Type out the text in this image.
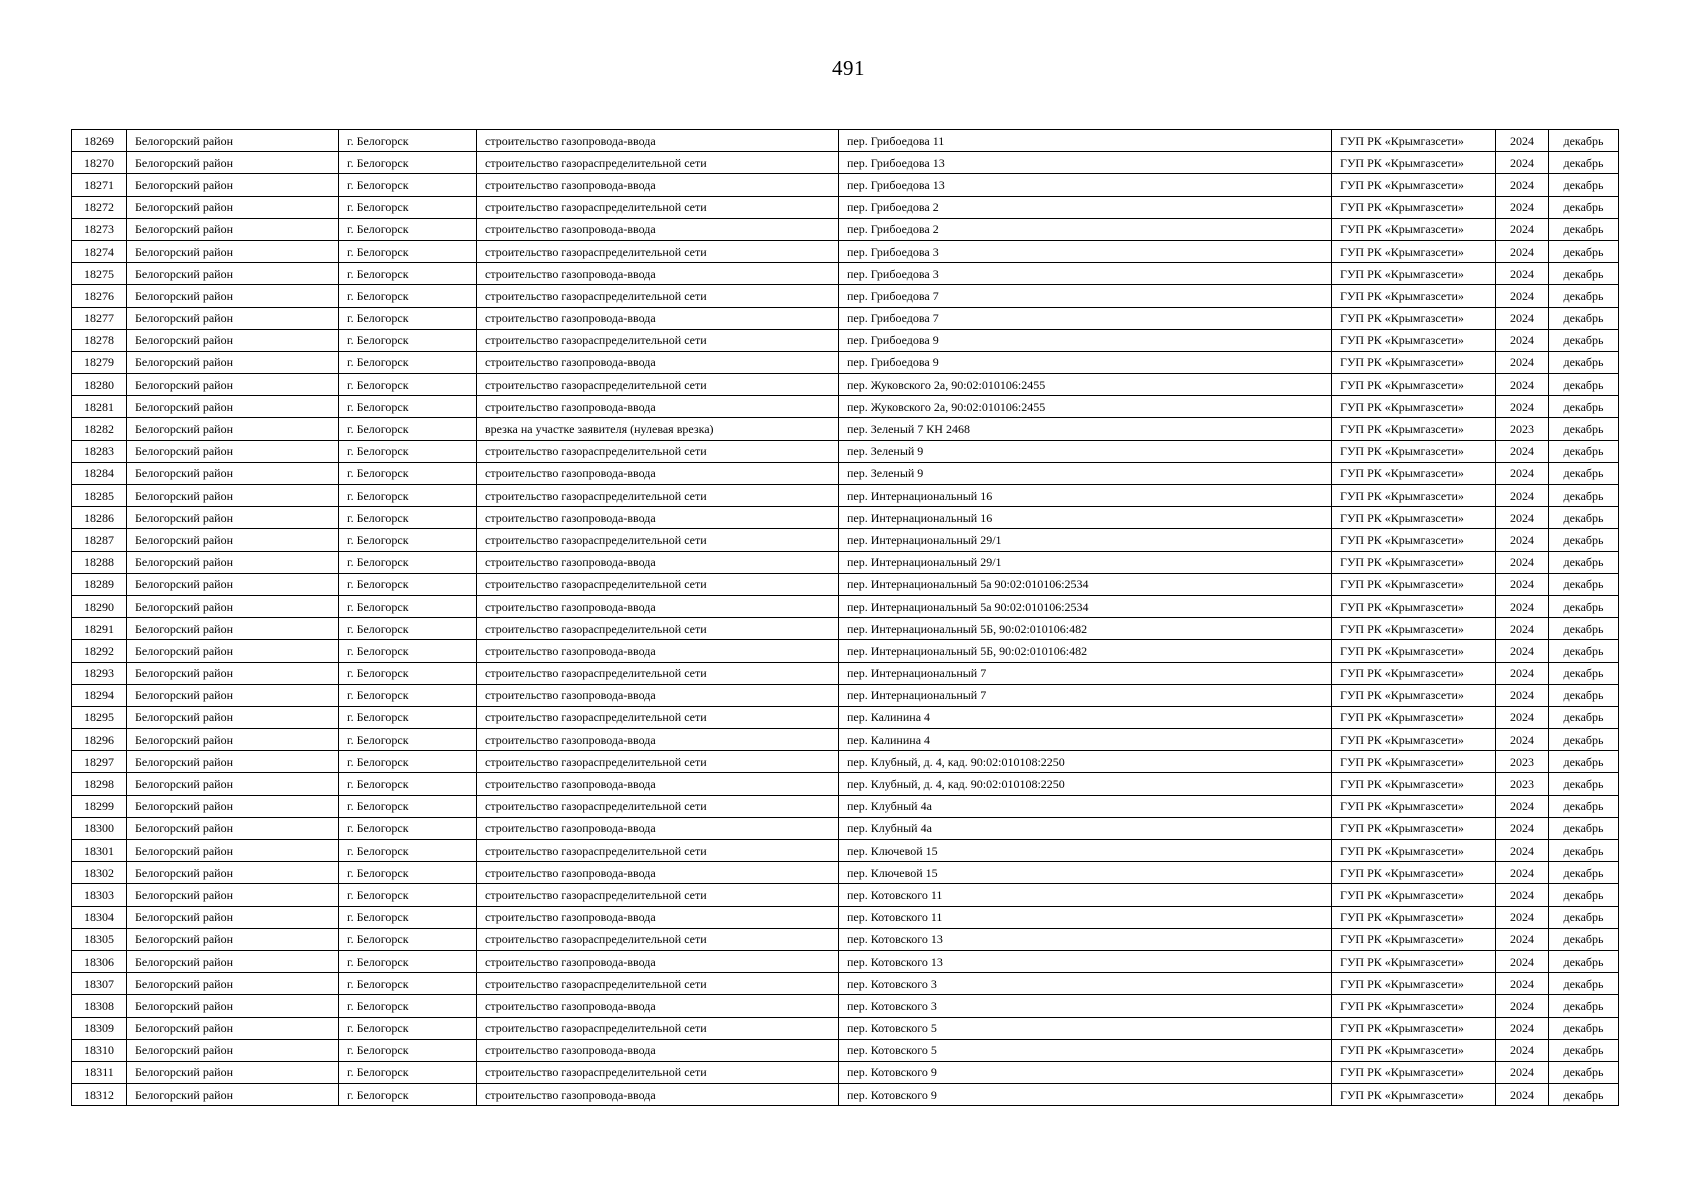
491
18269	Белогорский район	г. Белогорск	строительство газопровода-ввода	пер. Грибоедова 11	ГУП РК «Крымгазсети»	2024	декабрь
18270	Белогорский район	г. Белогорск	строительство газораспределительной сети	пер. Грибоедова 13	ГУП РК «Крымгазсети»	2024	декабрь
18271	Белогорский район	г. Белогорск	строительство газопровода-ввода	пер. Грибоедова 13	ГУП РК «Крымгазсети»	2024	декабрь
18272	Белогорский район	г. Белогорск	строительство газораспределительной сети	пер. Грибоедова 2	ГУП РК «Крымгазсети»	2024	декабрь
18273	Белогорский район	г. Белогорск	строительство газопровода-ввода	пер. Грибоедова 2	ГУП РК «Крымгазсети»	2024	декабрь
18274	Белогорский район	г. Белогорск	строительство газораспределительной сети	пер. Грибоедова 3	ГУП РК «Крымгазсети»	2024	декабрь
18275	Белогорский район	г. Белогорск	строительство газопровода-ввода	пер. Грибоедова 3	ГУП РК «Крымгазсети»	2024	декабрь
18276	Белогорский район	г. Белогорск	строительство газораспределительной сети	пер. Грибоедова 7	ГУП РК «Крымгазсети»	2024	декабрь
18277	Белогорский район	г. Белогорск	строительство газопровода-ввода	пер. Грибоедова 7	ГУП РК «Крымгазсети»	2024	декабрь
18278	Белогорский район	г. Белогорск	строительство газораспределительной сети	пер. Грибоедова 9	ГУП РК «Крымгазсети»	2024	декабрь
18279	Белогорский район	г. Белогорск	строительство газопровода-ввода	пер. Грибоедова 9	ГУП РК «Крымгазсети»	2024	декабрь
18280	Белогорский район	г. Белогорск	строительство газораспределительной сети	пер. Жуковского 2а, 90:02:010106:2455	ГУП РК «Крымгазсети»	2024	декабрь
18281	Белогорский район	г. Белогорск	строительство газопровода-ввода	пер. Жуковского 2а, 90:02:010106:2455	ГУП РК «Крымгазсети»	2024	декабрь
18282	Белогорский район	г. Белогорск	врезка на участке заявителя (нулевая врезка)	пер. Зеленый 7 КН 2468	ГУП РК «Крымгазсети»	2023	декабрь
18283	Белогорский район	г. Белогорск	строительство газораспределительной сети	пер. Зеленый 9	ГУП РК «Крымгазсети»	2024	декабрь
18284	Белогорский район	г. Белогорск	строительство газопровода-ввода	пер. Зеленый 9	ГУП РК «Крымгазсети»	2024	декабрь
18285	Белогорский район	г. Белогорск	строительство газораспределительной сети	пер. Интернациональный 16	ГУП РК «Крымгазсети»	2024	декабрь
18286	Белогорский район	г. Белогорск	строительство газопровода-ввода	пер. Интернациональный 16	ГУП РК «Крымгазсети»	2024	декабрь
18287	Белогорский район	г. Белогорск	строительство газораспределительной сети	пер. Интернациональный 29/1	ГУП РК «Крымгазсети»	2024	декабрь
18288	Белогорский район	г. Белогорск	строительство газопровода-ввода	пер. Интернациональный 29/1	ГУП РК «Крымгазсети»	2024	декабрь
18289	Белогорский район	г. Белогорск	строительство газораспределительной сети	пер. Интернациональный 5а 90:02:010106:2534	ГУП РК «Крымгазсети»	2024	декабрь
18290	Белогорский район	г. Белогорск	строительство газопровода-ввода	пер. Интернациональный 5а 90:02:010106:2534	ГУП РК «Крымгазсети»	2024	декабрь
18291	Белогорский район	г. Белогорск	строительство газораспределительной сети	пер. Интернациональный 5Б, 90:02:010106:482	ГУП РК «Крымгазсети»	2024	декабрь
18292	Белогорский район	г. Белогорск	строительство газопровода-ввода	пер. Интернациональный 5Б, 90:02:010106:482	ГУП РК «Крымгазсети»	2024	декабрь
18293	Белогорский район	г. Белогорск	строительство газораспределительной сети	пер. Интернациональный 7	ГУП РК «Крымгазсети»	2024	декабрь
18294	Белогорский район	г. Белогорск	строительство газопровода-ввода	пер. Интернациональный 7	ГУП РК «Крымгазсети»	2024	декабрь
18295	Белогорский район	г. Белогорск	строительство газораспределительной сети	пер. Калинина 4	ГУП РК «Крымгазсети»	2024	декабрь
18296	Белогорский район	г. Белогорск	строительство газопровода-ввода	пер. Калинина 4	ГУП РК «Крымгазсети»	2024	декабрь
18297	Белогорский район	г. Белогорск	строительство газораспределительной сети	пер. Клубный, д. 4, кад. 90:02:010108:2250	ГУП РК «Крымгазсети»	2023	декабрь
18298	Белогорский район	г. Белогорск	строительство газопровода-ввода	пер. Клубный, д. 4, кад. 90:02:010108:2250	ГУП РК «Крымгазсети»	2023	декабрь
18299	Белогорский район	г. Белогорск	строительство газораспределительной сети	пер. Клубный 4а	ГУП РК «Крымгазсети»	2024	декабрь
18300	Белогорский район	г. Белогорск	строительство газопровода-ввода	пер. Клубный 4а	ГУП РК «Крымгазсети»	2024	декабрь
18301	Белогорский район	г. Белогорск	строительство газораспределительной сети	пер. Ключевой 15	ГУП РК «Крымгазсети»	2024	декабрь
18302	Белогорский район	г. Белогорск	строительство газопровода-ввода	пер. Ключевой 15	ГУП РК «Крымгазсети»	2024	декабрь
18303	Белогорский район	г. Белогорск	строительство газораспределительной сети	пер. Котовского 11	ГУП РК «Крымгазсети»	2024	декабрь
18304	Белогорский район	г. Белогорск	строительство газопровода-ввода	пер. Котовского 11	ГУП РК «Крымгазсети»	2024	декабрь
18305	Белогорский район	г. Белогорск	строительство газораспределительной сети	пер. Котовского 13	ГУП РК «Крымгазсети»	2024	декабрь
18306	Белогорский район	г. Белогорск	строительство газопровода-ввода	пер. Котовского 13	ГУП РК «Крымгазсети»	2024	декабрь
18307	Белогорский район	г. Белогорск	строительство газораспределительной сети	пер. Котовского 3	ГУП РК «Крымгазсети»	2024	декабрь
18308	Белогорский район	г. Белогорск	строительство газопровода-ввода	пер. Котовского 3	ГУП РК «Крымгазсети»	2024	декабрь
18309	Белогорский район	г. Белогорск	строительство газораспределительной сети	пер. Котовского 5	ГУП РК «Крымгазсети»	2024	декабрь
18310	Белогорский район	г. Белогорск	строительство газопровода-ввода	пер. Котовского 5	ГУП РК «Крымгазсети»	2024	декабрь
18311	Белогорский район	г. Белогорск	строительство газораспределительной сети	пер. Котовского 9	ГУП РК «Крымгазсети»	2024	декабрь
18312	Белогорский район	г. Белогорск	строительство газопровода-ввода	пер. Котовского 9	ГУП РК «Крымгазсети»	2024	декабрь
